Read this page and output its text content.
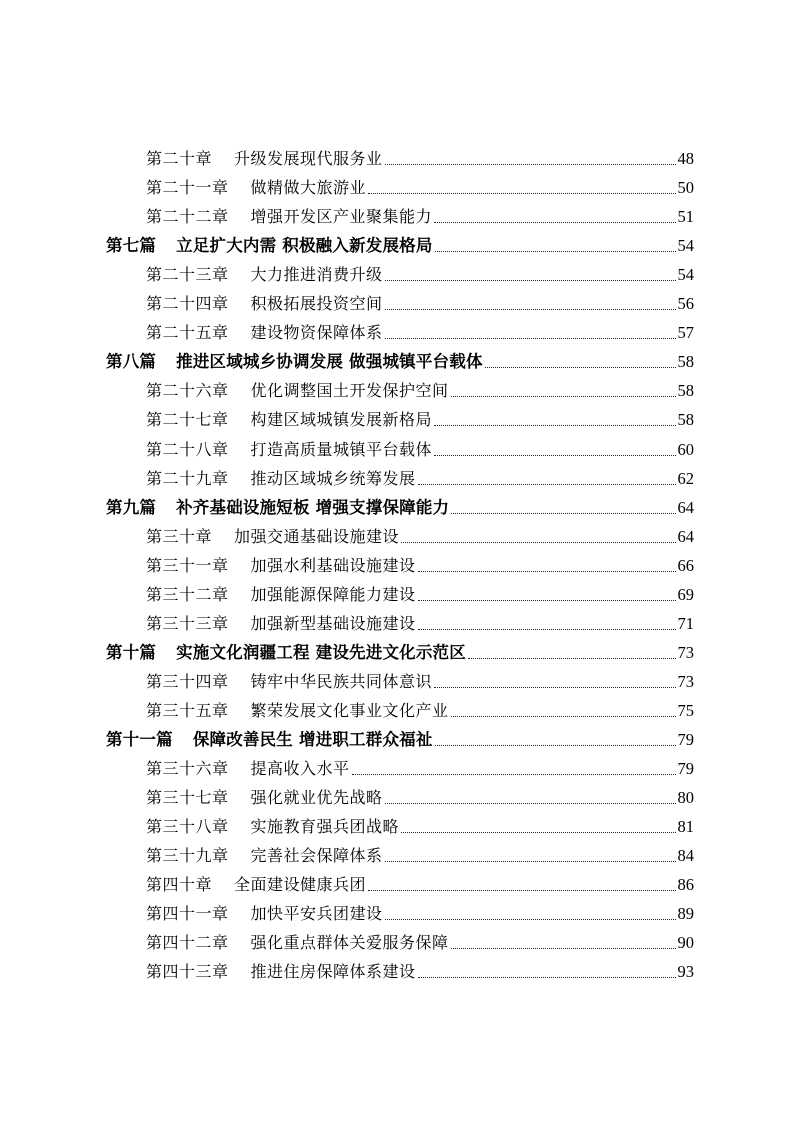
第二十章 升级发展现代服务业	48
第二十一章 做精做大旅游业	50
第二十二章 增强开发区产业聚集能力	51
第七篇 立足扩大内需 积极融入新发展格局	54
第二十三章 大力推进消费升级	54
第二十四章 积极拓展投资空间	56
第二十五章 建设物资保障体系	57
第八篇 推进区域城乡协调发展 做强城镇平台载体	58
第二十六章 优化调整国土开发保护空间	58
第二十七章 构建区域城镇发展新格局	58
第二十八章 打造高质量城镇平台载体	60
第二十九章 推动区域城乡统筹发展	62
第九篇 补齐基础设施短板 增强支撑保障能力	64
第三十章 加强交通基础设施建设	64
第三十一章 加强水利基础设施建设	66
第三十二章 加强能源保障能力建设	69
第三十三章 加强新型基础设施建设	71
第十篇 实施文化润疆工程 建设先进文化示范区	73
第三十四章 铸牢中华民族共同体意识	73
第三十五章 繁荣发展文化事业文化产业	75
第十一篇 保障改善民生 增进职工群众福祉	79
第三十六章 提高收入水平	79
第三十七章 强化就业优先战略	80
第三十八章 实施教育强兵团战略	81
第三十九章 完善社会保障体系	84
第四十章 全面建设健康兵团	86
第四十一章 加快平安兵团建设	89
第四十二章 强化重点群体关爱服务保障	90
第四十三章 推进住房保障体系建设	93
